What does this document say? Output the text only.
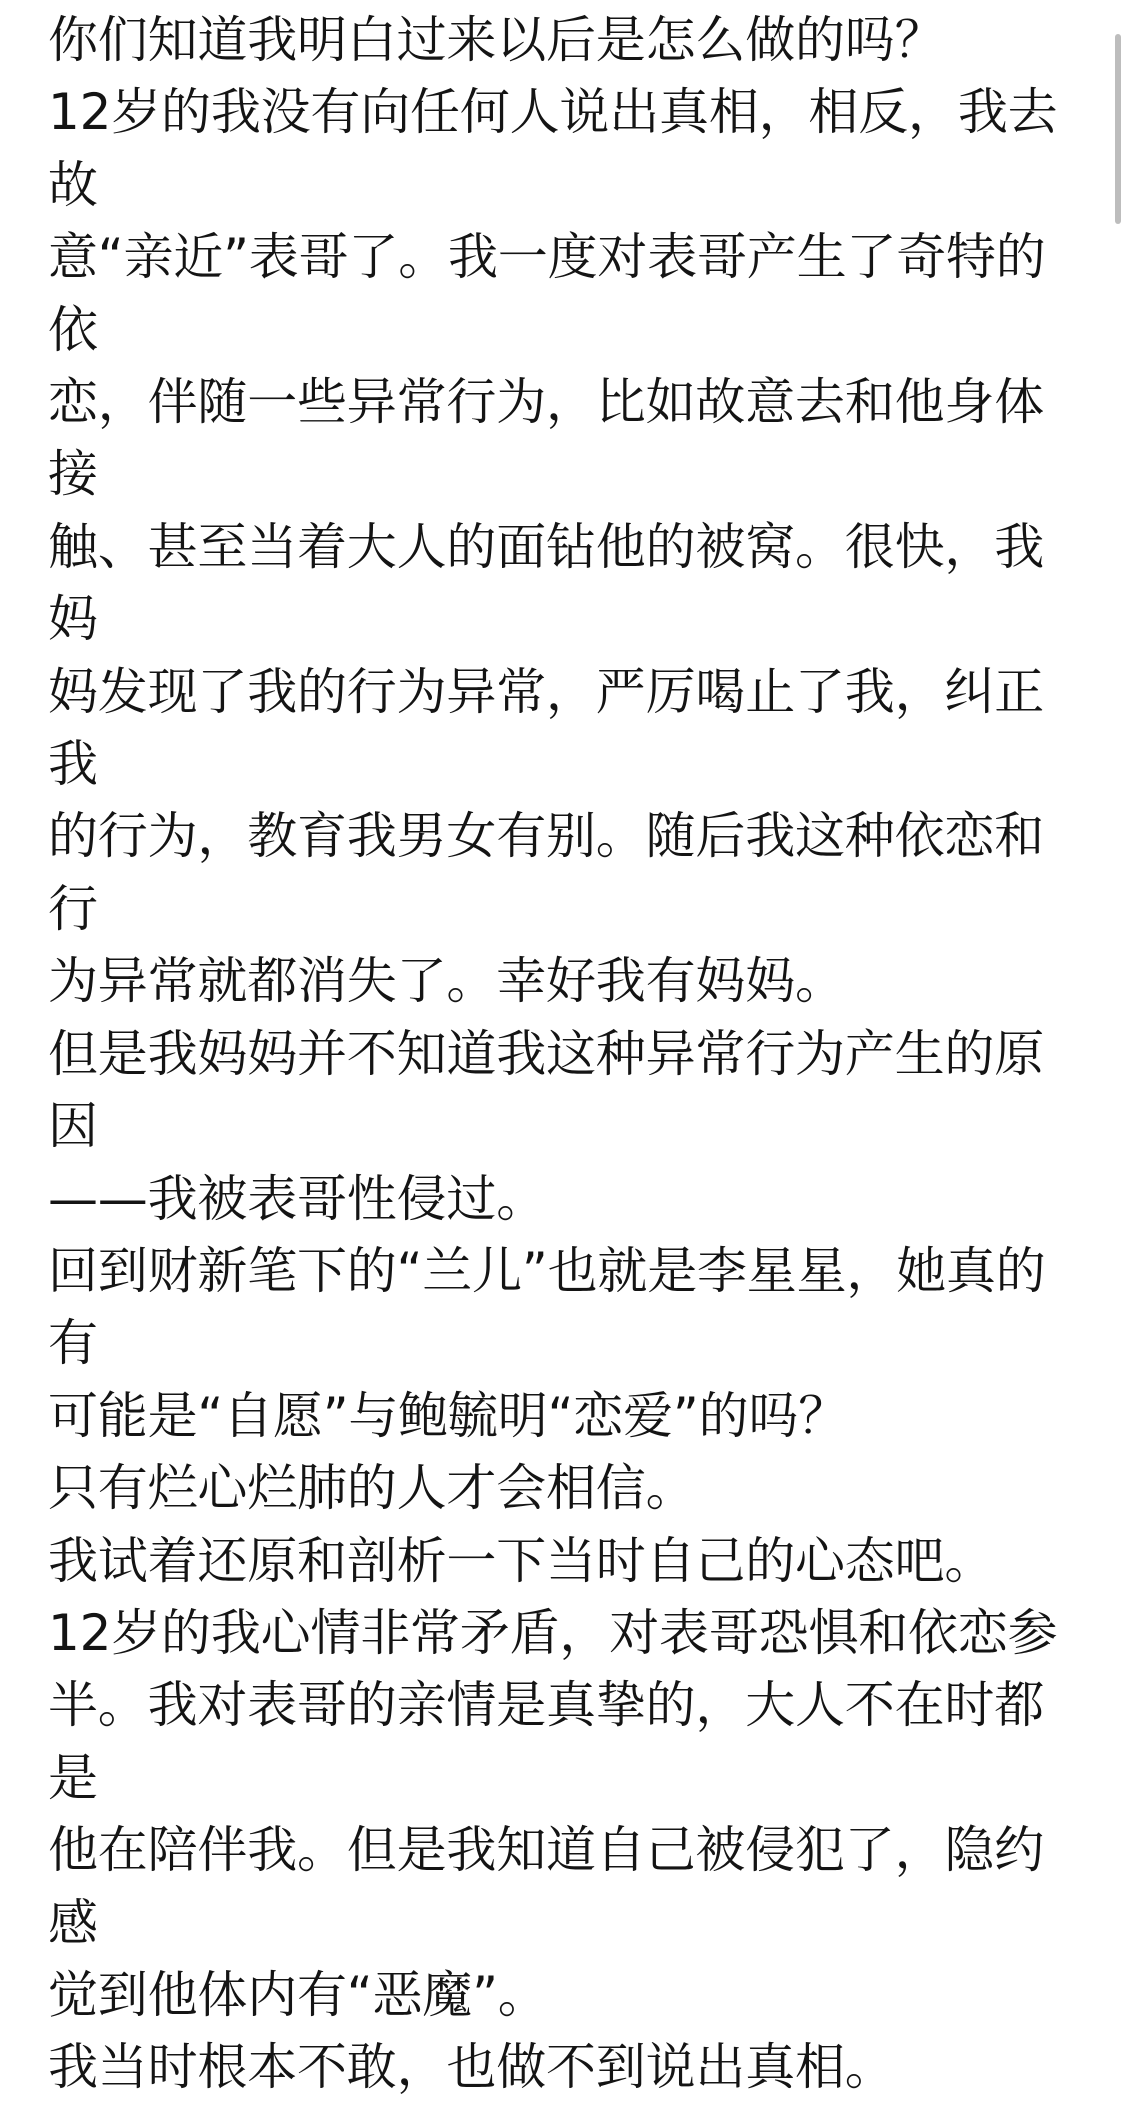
你们知道我明白过来以后是怎么做的吗？

12岁的我没有向任何人说出真相，相反，我去故
意“亲近”表哥了。我一度对表哥产生了奇特的依
恋，伴随一些异常行为，比如故意去和他身体接
触、甚至当着大人的面钻他的被窝。很快，我妈
妈发现了我的行为异常，严厉喝止了我，纠正我
的行为，教育我男女有别。随后我这种依恋和行
为异常就都消失了。幸好我有妈妈。

但是我妈妈并不知道我这种异常行为产生的原因
——我被表哥性侵过。

回到财新笔下的“兰儿”也就是李星星，她真的有
可能是“自愿”与鲍毓明“恋爱”的吗？

只有烂心烂肺的人才会相信。

我试着还原和剖析一下当时自己的心态吧。

12岁的我心情非常矛盾，对表哥恐惧和依恋参
半。我对表哥的亲情是真挚的，大人不在时都是
他在陪伴我。但是我知道自己被侵犯了，隐约感
觉到他体内有“恶魔”。

我当时根本不敢，也做不到说出真相。
